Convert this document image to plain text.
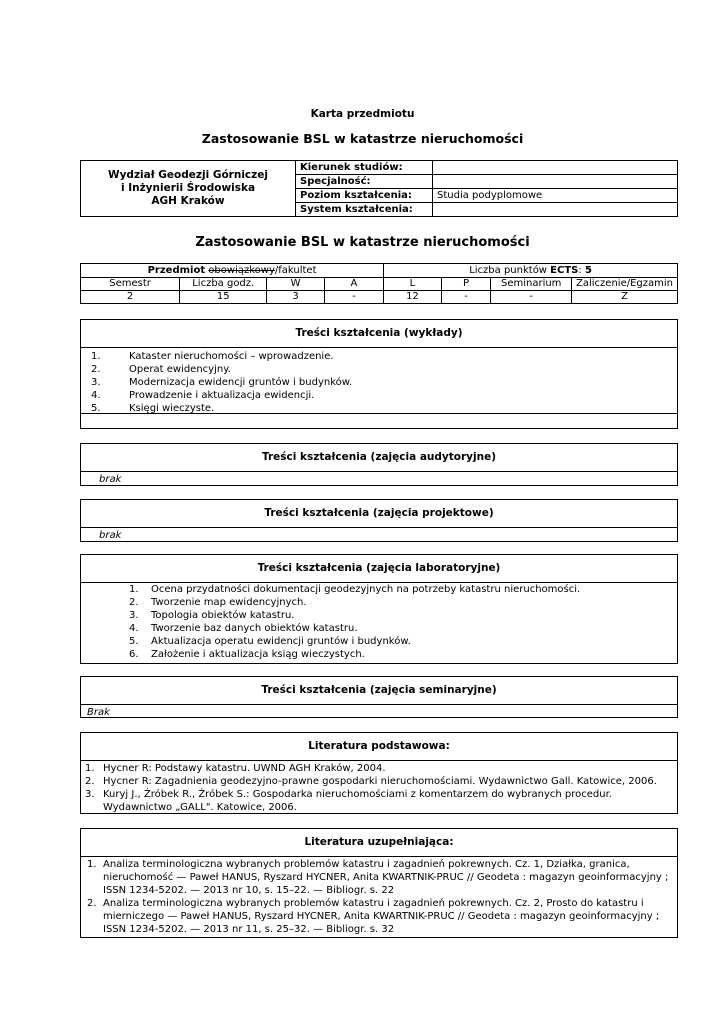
Karta przedmiotu
Zastosowanie BSL w katastrze nieruchomości
Wydział Geodezji Górniczej
i Inżynierii Środowiska
AGH Kraków	Kierunek studiów:	
	Specjalność:	
	Poziom kształcenia:	Studia podyplomowe
	System kształcenia:	
Zastosowanie BSL w katastrze nieruchomości
Przedmiot obowiązkowy/fakultet				Liczba punktów ECTS: 5			
Semestr	Liczba godz.	W	A	L	P	Seminarium	Zaliczenie/Egzamin
2	15	3	-	12	-	-	Z
Treści kształcenia (wykłady)
1.	Kataster nieruchomości – wprowadzenie.
2.	Operat ewidencyjny.
3.	Modernizacja ewidencji gruntów i budynków.
4.	Prowadzenie i aktualizacja ewidencji.
5.	Księgi wieczyste.
Treści kształcenia (zajęcia audytoryjne)
brak
Treści kształcenia (zajęcia projektowe)
brak
Treści kształcenia (zajęcia laboratoryjne)
1.	Ocena przydatności dokumentacji geodezyjnych na potrzeby katastru nieruchomości.
2.	Tworzenie map ewidencyjnych.
3.	Topologia obiektów katastru.
4.	Tworzenie baz danych obiektów katastru.
5.	Aktualizacja operatu ewidencji gruntów i budynków.
6.	Założenie i aktualizacja ksiąg wieczystych.
Treści kształcenia (zajęcia seminaryjne)
Brak
Literatura podstawowa:
1. Hycner R: Podstawy katastru. UWND AGH Kraków, 2004.
2. Hycner R: Zagadnienia geodezyjno-prawne gospodarki nieruchomościami. Wydawnictwo Gall. Katowice, 2006.
3. Kuryj J., Źróbek R., Źróbek S.: Gospodarka nieruchomościami z komentarzem do wybranych procedur. Wydawnictwo „GALL". Katowice, 2006.
Literatura uzupełniająca:
1. Analiza terminologiczna wybranych problemów katastru i zagadnień pokrewnych. Cz. 1, Działka, granica, nieruchomość — Paweł HANUS, Ryszard HYCNER, Anita KWARTNIK-PRUC // Geodeta : magazyn geoinformacyjny ; ISSN 1234-5202. — 2013 nr 10, s. 15–22. — Bibliogr. s. 22
2. Analiza terminologiczna wybranych problemów katastru i zagadnień pokrewnych. Cz. 2, Prosto do katastru i mierniczego — Paweł HANUS, Ryszard HYCNER, Anita KWARTNIK-PRUC // Geodeta : magazyn geoinformacyjny ; ISSN 1234-5202. — 2013 nr 11, s. 25–32. — Bibliogr. s. 32
